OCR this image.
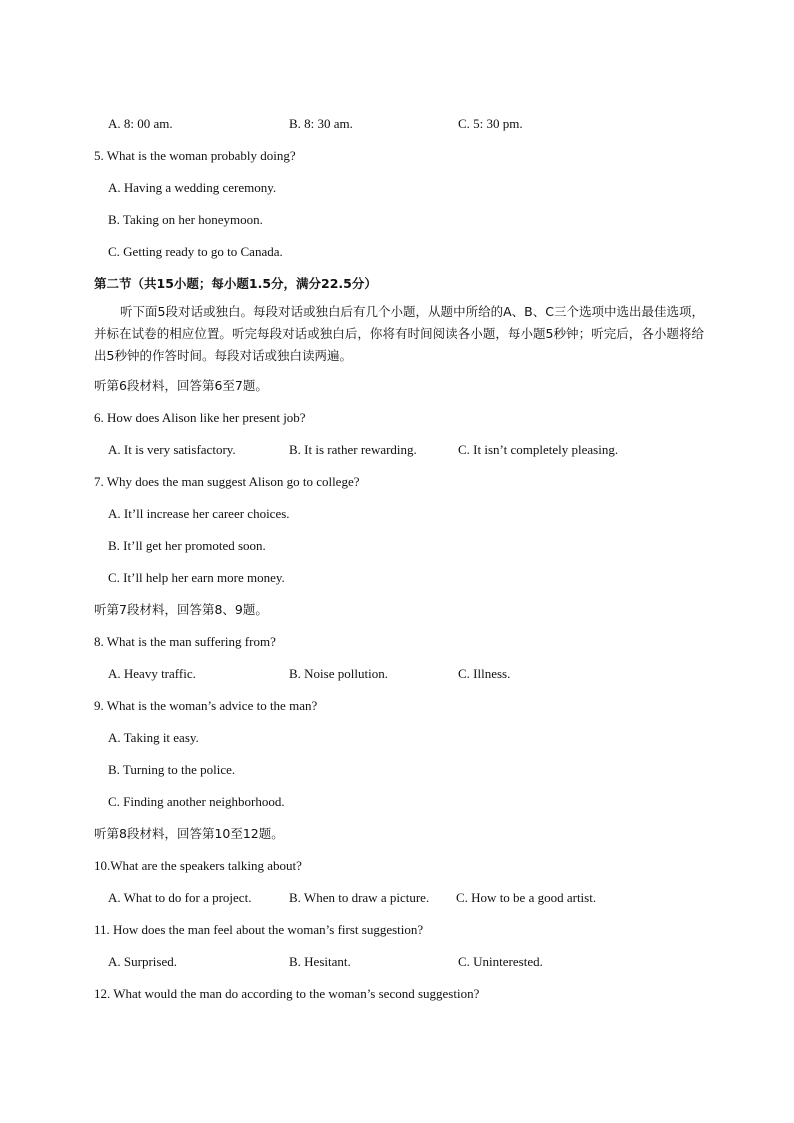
A. 8: 00 am.	B. 8: 30 am.	C. 5: 30 pm.
5. What is the woman probably doing?
A. Having a wedding ceremony.
B. Taking on her honeymoon.
C. Getting ready to go to Canada.
第二节（共15小题；每小题1.5分，满分22.5分）
听下面5段对话或独白。每段对话或独白后有几个小题，从题中所给的A、B、C三个选项中选出最佳选项，并标在试卷的相应位置。听完每段对话或独白后，你将有时间阅读各小题，每小题5秒钟；听完后，各小题将给出5秒钟的作答时间。每段对话或独白读两遍。
听第6段材料，回答第6至7题。
6. How does Alison like her present job?
A. It is very satisfactory.	B. It is rather rewarding.	C. It isn’t completely pleasing.
7. Why does the man suggest Alison go to college?
A. It’ll increase her career choices.
B. It’ll get her promoted soon.
C. It’ll help her earn more money.
听第7段材料，回答第8、9题。
8. What is the man suffering from?
A. Heavy traffic.	B. Noise pollution.	C. Illness.
9. What is the woman’s advice to the man?
A. Taking it easy.
B. Turning to the police.
C. Finding another neighborhood.
听第8段材料，回答第10至12题。
10.What are the speakers talking about?
A. What to do for a project.	B. When to draw a picture. C. How to be a good artist.
11. How does the man feel about the woman’s first suggestion?
A. Surprised.	B. Hesitant.	C. Uninterested.
12. What would the man do according to the woman’s second suggestion?
